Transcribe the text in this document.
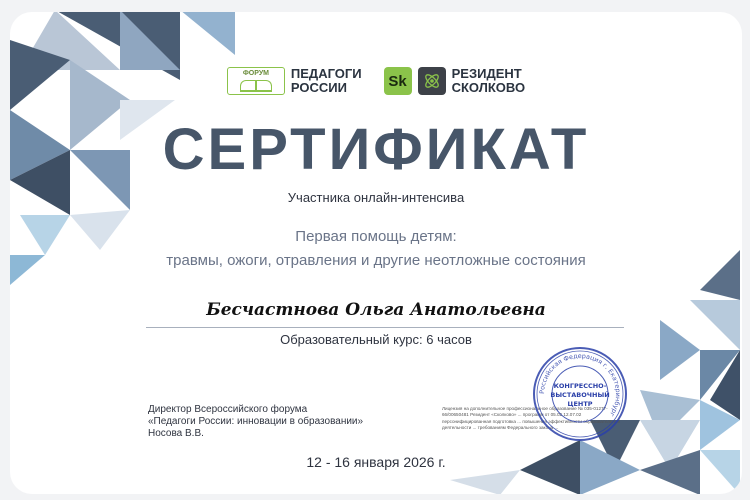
ФОРУМ ПЕДАГОГИ
РОССИИ	Sk	РЕЗИДЕНТ
СКОЛКОВО
СЕРТИФИКАТ
Участника онлайн-интенсива
Первая помощь детям:
травмы, ожоги, отравления и другие неотложные состояния
Бесчастнова Ольга Анатольевна
Образовательный курс: 6 часов
Директор Всероссийского форума
«Педагоги России: инновации в образовании»
Носова В.В.
Лицензия на дополнительное профессиональное образование № 035-01277-66/00650481 Резидент «Сколково» ... программ от 05.02.12.07.02 персонифицированная подготовка ... повышения эффективности образовательной деятельности ... требованиям Федерального закона ...
Российская Федерация г. Екатеринбург
КОНГРЕССНО-
ВЫСТАВОЧНЫЙ
ЦЕНТР
12 - 16 января 2026 г.
